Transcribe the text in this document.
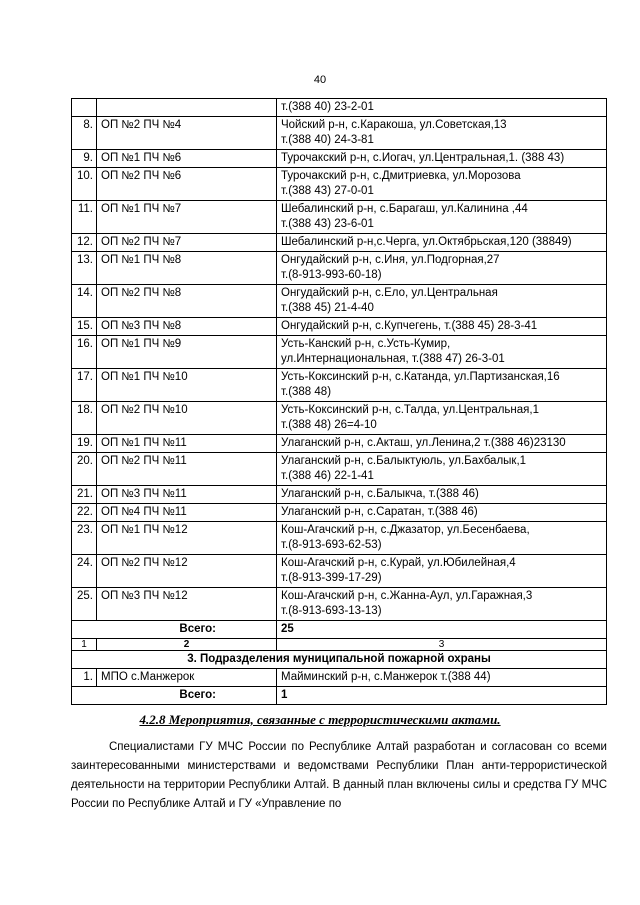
40

		т.(388 40) 23-2-01

8.	ОП №2 ПЧ №4	Чойский р-н, с.Каракоша, ул.Советская,13
т.(388 40) 24-3-81

9.	ОП №1 ПЧ №6	Турочакский р-н, с.Иогач, ул.Центральная,1. (388 43)

10.	ОП №2 ПЧ №6	Турочакский р-н, с.Дмитриевка, ул.Морозова
т.(388 43) 27-0-01

11.	ОП №1 ПЧ №7	Шебалинский р-н, с.Барагаш, ул.Калинина ,44
т.(388 43) 23-6-01

12.	ОП №2 ПЧ №7	Шебалинский р-н,с.Черга, ул.Октябрьская,120 (38849)

13.	ОП №1 ПЧ №8	Онгудайский р-н, с.Иня, ул.Подгорная,27
т.(8-913-993-60-18)

14.	ОП №2 ПЧ №8	Онгудайский р-н, с.Ело, ул.Центральная
т.(388 45) 21-4-40

15.	ОП №3 ПЧ №8	Онгудайский р-н, с.Купчегень, т.(388 45) 28-3-41

16.	ОП №1 ПЧ №9	Усть-Канский р-н, с.Усть-Кумир,
ул.Интернациональная, т.(388 47) 26-3-01

17.	ОП №1 ПЧ №10	Усть-Коксинский р-н, с.Катанда, ул.Партизанская,16
т.(388 48)

18.	ОП №2 ПЧ №10	Усть-Коксинский р-н, с.Талда, ул.Центральная,1
т.(388 48) 26=4-10

19.	ОП №1 ПЧ №11	Улаганский р-н, с.Акташ, ул.Ленина,2 т.(388 46)23130

20.	ОП №2 ПЧ №11	Улаганский р-н, с.Балыктуюль, ул.Бахбалык,1
т.(388 46) 22-1-41

21.	ОП №3 ПЧ №11	Улаганский р-н, с.Балыкча, т.(388 46)

22.	ОП №4 ПЧ №11	Улаганский р-н, с.Саратан, т.(388 46)

23.	ОП №1 ПЧ №12	Кош-Агачский р-н, с.Джазатор, ул.Бесенбаева,
т.(8-913-693-62-53)

24.	ОП №2 ПЧ №12	Кош-Агачский р-н, с.Курай, ул.Юбилейная,4
т.(8-913-399-17-29)

25.	ОП №3 ПЧ №12	Кош-Агачский р-н, с.Жанна-Аул, ул.Гаражная,3
т.(8-913-693-13-13)

Всего:		25
1	2	3
3. Подразделения муниципальной пожарной охраны		
1.	МПО с.Манжерок	Майминский р-н, с.Манжерок т.(388 44)

Всего:		1
4.2.8 Мероприятия, связанные с террористическими актами.

Специалистами ГУ МЧС России по Республике Алтай разработан и согласован со всеми заинтересованными министерствами и ведомствами Республики План анти-террористической деятельности на территории Республики Алтай. В данный план включены силы и средства ГУ МЧС России по Республике Алтай и ГУ «Управление по
